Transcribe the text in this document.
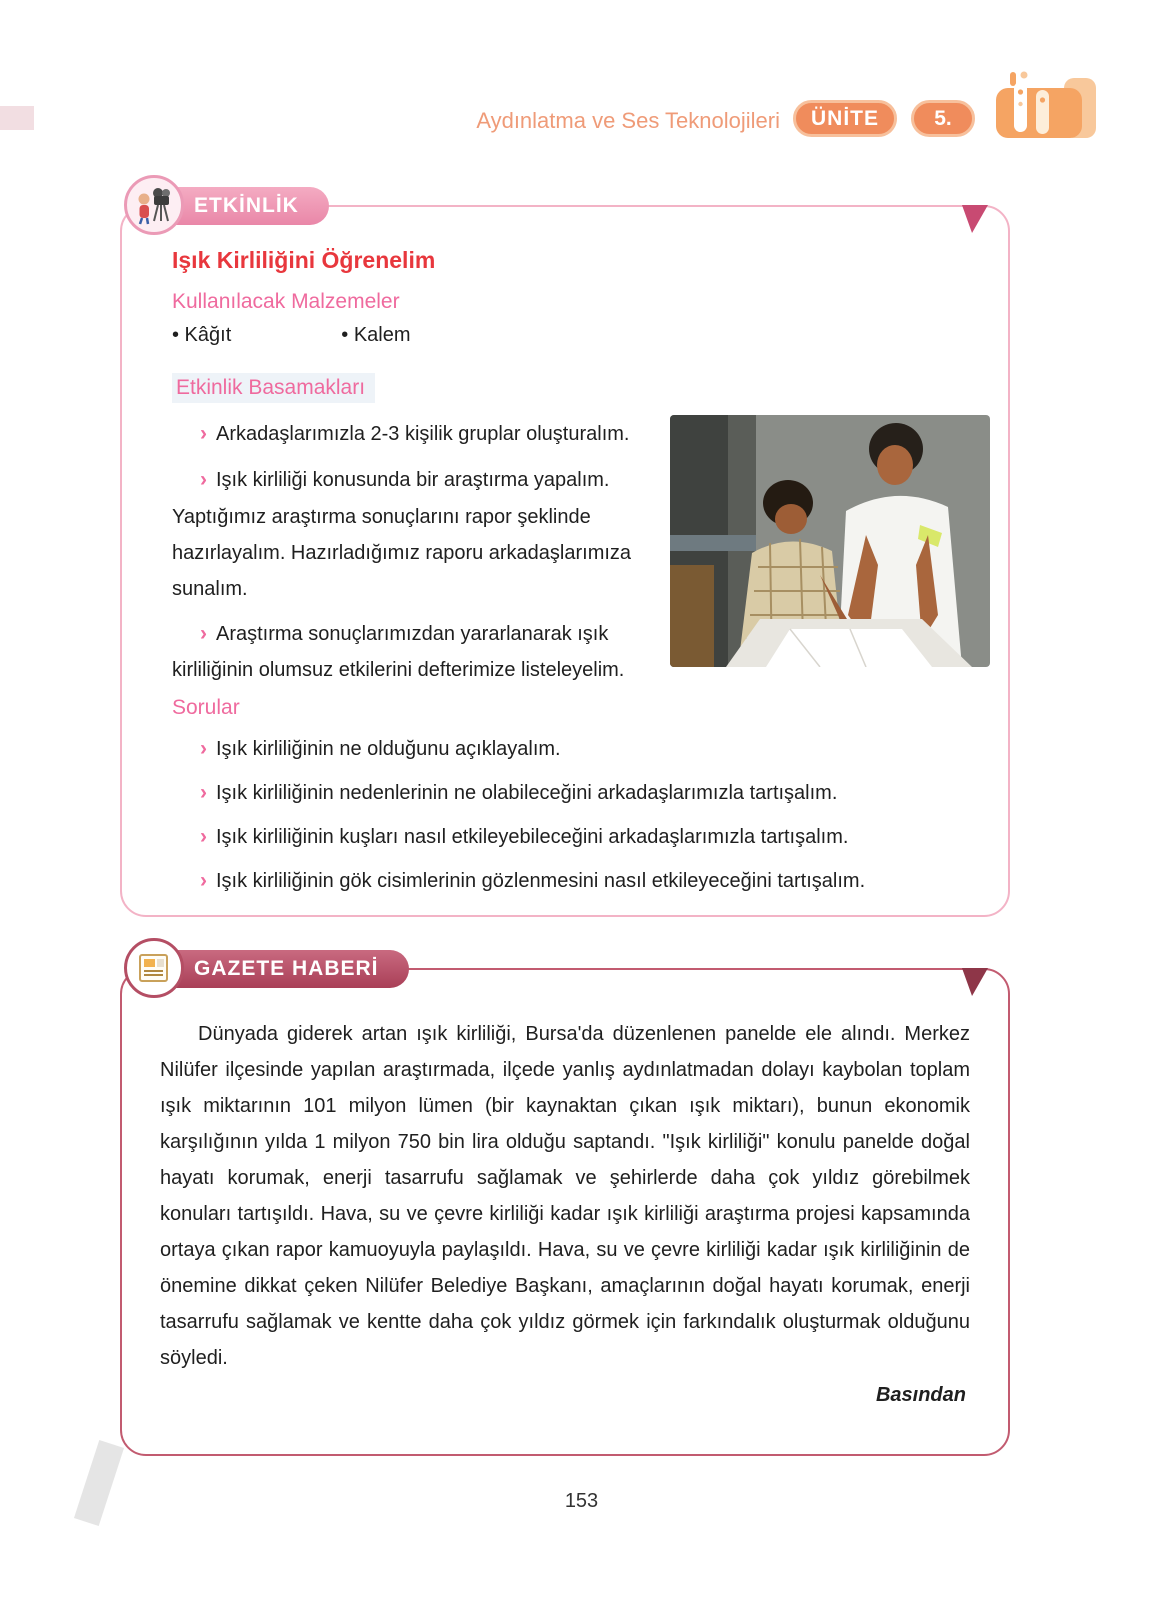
Aydınlatma ve Ses Teknolojileri	ÜNİTE	5.
ETKİNLİK
Işık Kirliliğini Öğrenelim
Kullanılacak Malzemeler
• Kâğıt	• Kalem
Etkinlik Basamakları

› Arkadaşlarımızla 2-3 kişilik gruplar oluşturalım.

› Işık kirliliği konusunda bir araştırma yapalım. Yaptığımız araştırma sonuçlarını rapor şeklinde hazırlayalım. Hazırladığımız raporu arkadaşlarımıza sunalım.

› Araştırma sonuçlarımızdan yararlanarak ışık kirliliğinin olumsuz etkilerini defterimize listeleyelim.

Sorular

› Işık kirliliğinin ne olduğunu açıklayalım.

› Işık kirliliğinin nedenlerinin ne olabileceğini arkadaşlarımızla tartışalım.

› Işık kirliliğinin kuşları nasıl etkileyebileceğini arkadaşlarımızla tartışalım.

› Işık kirliliğinin gök cisimlerinin gözlenmesini nasıl etkileyeceğini tartışalım.

GAZETE HABERİ

Dünyada giderek artan ışık kirliliği, Bursa'da düzenlenen panelde ele alındı. Merkez Nilüfer ilçesinde yapılan araştırmada, ilçede yanlış aydınlatmadan dolayı kaybolan toplam ışık miktarının 101 milyon lümen (bir kaynaktan çıkan ışık miktarı), bunun ekonomik karşılığının yılda 1 milyon 750 bin lira olduğu saptandı. "Işık kirliliği" konulu panelde doğal hayatı korumak, enerji tasarrufu sağlamak ve şehirlerde daha çok yıldız görebilmek konuları tartışıldı. Hava, su ve çevre kirliliği kadar ışık kirliliği araştırma projesi kapsamında ortaya çıkan rapor kamuoyuyla paylaşıldı. Hava, su ve çevre kirliliği kadar ışık kirliliğinin de önemine dikkat çeken Nilüfer Belediye Başkanı, amaçlarının doğal hayatı korumak, enerji tasarrufu sağlamak ve kentte daha çok yıldız görmek için farkındalık oluşturmak olduğunu söyledi.

Basından

153
